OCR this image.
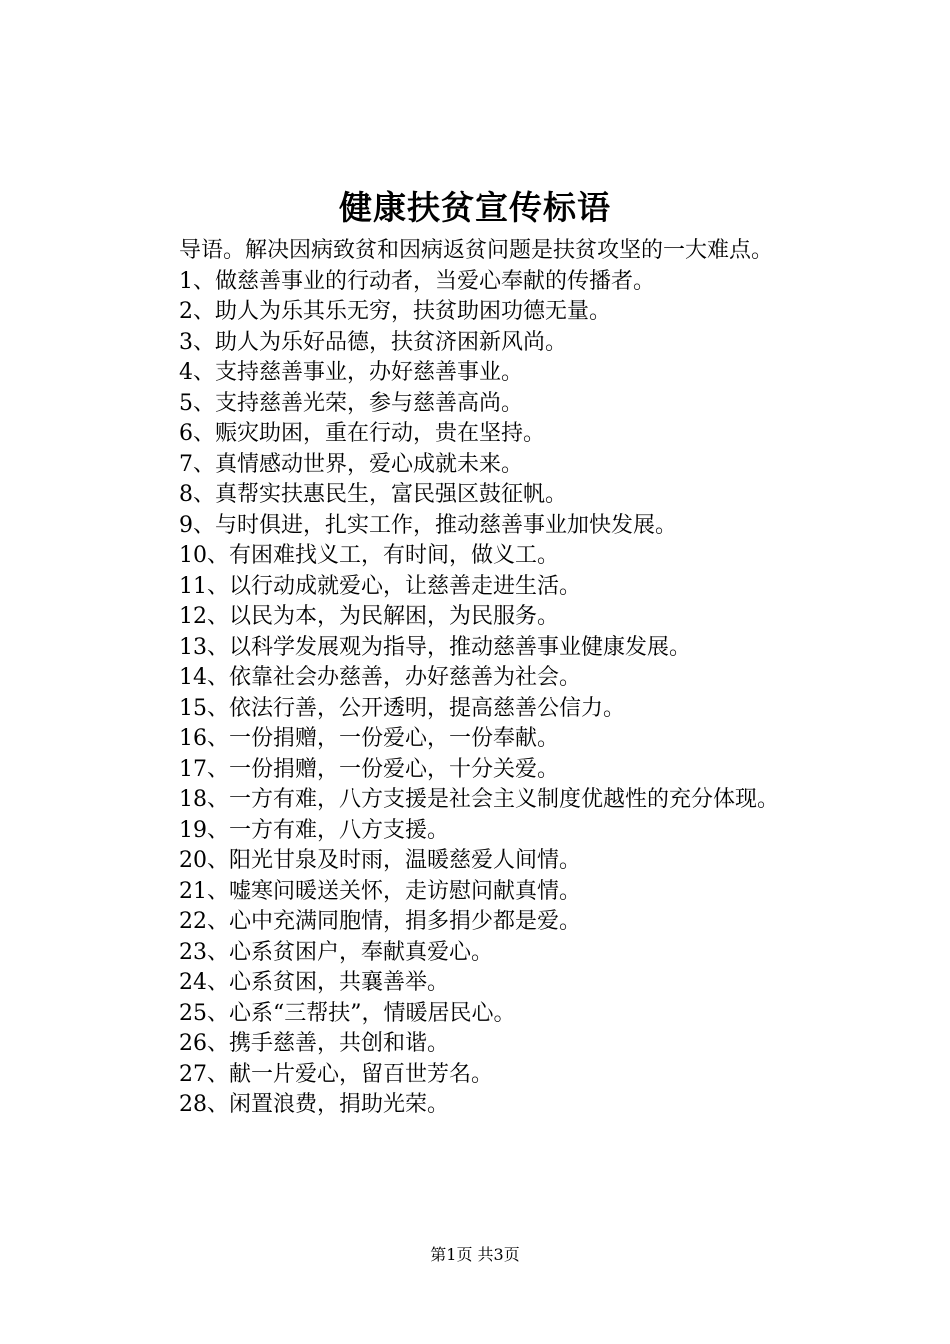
健康扶贫宣传标语

导语。解决因病致贫和因病返贫问题是扶贫攻坚的一大难点。

1、做慈善事业的行动者，当爱心奉献的传播者。

2、助人为乐其乐无穷，扶贫助困功德无量。

3、助人为乐好品德，扶贫济困新风尚。

4、支持慈善事业，办好慈善事业。

5、支持慈善光荣，参与慈善高尚。

6、赈灾助困，重在行动，贵在坚持。

7、真情感动世界，爱心成就未来。

8、真帮实扶惠民生，富民强区鼓征帆。

9、与时俱进，扎实工作，推动慈善事业加快发展。

10、有困难找义工，有时间，做义工。

11、以行动成就爱心，让慈善走进生活。

12、以民为本，为民解困，为民服务。

13、以科学发展观为指导，推动慈善事业健康发展。

14、依靠社会办慈善，办好慈善为社会。

15、依法行善，公开透明，提高慈善公信力。

16、一份捐赠，一份爱心，一份奉献。

17、一份捐赠，一份爱心，十分关爱。

18、一方有难，八方支援是社会主义制度优越性的充分体现。

19、一方有难，八方支援。

20、阳光甘泉及时雨，温暖慈爱人间情。

21、嘘寒问暖送关怀，走访慰问献真情。

22、心中充满同胞情，捐多捐少都是爱。

23、心系贫困户，奉献真爱心。

24、心系贫困，共襄善举。

25、心系“三帮扶”，情暖居民心。

26、携手慈善，共创和谐。

27、献一片爱心，留百世芳名。

28、闲置浪费，捐助光荣。

第1页 共3页
